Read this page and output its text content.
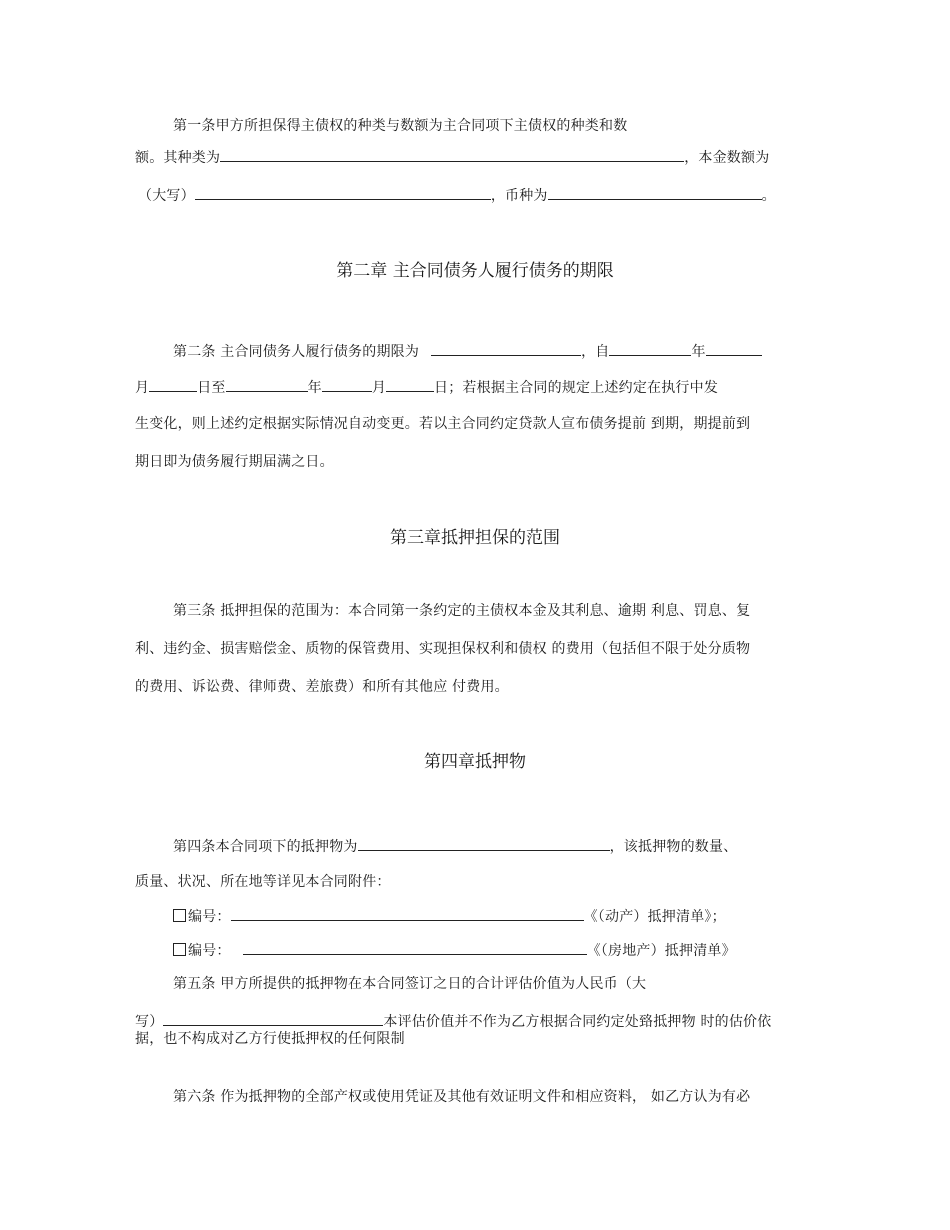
第一条甲方所担保得主债权的种类与数额为主合同项下主债权的种类和数
额。其种类为	，本金数额为
（大写）	，币种为	。
第二章 主合同债务人履行债务的期限
第二条 主合同债务人履行债务的期限为	，自	年
月	日至	年	月	日；若根据主合同的规定上述约定在执行中发
生变化，则上述约定根据实际情况自动变更。若以主合同约定贷款人宣布债务提前 到期，期提前到
期日即为债务履行期届满之日。
第三章抵押担保的范围
第三条 抵押担保的范围为：本合同第一条约定的主债权本金及其利息、逾期 利息、罚息、复
利、违约金、损害赔偿金、质物的保管费用、实现担保权利和债权 的费用（包括但不限于处分质物
的费用、诉讼费、律师费、差旅费）和所有其他应 付费用。
第四章抵押物
第四条本合同项下的抵押物为	，该抵押物的数量、
质量、状况、所在地等详见本合同附件：
编号：	《（动产）抵押清单》；
编号：	《（房地产）抵押清单》
第五条 甲方所提供的抵押物在本合同签订之日的合计评估价值为人民币（大
写）	本评估价值并不作为乙方根据合同约定处臵抵押物 时的估价依
据，也不构成对乙方行使抵押权的任何限制
第六条 作为抵押物的全部产权或使用凭证及其他有效证明文件和相应资料， 如乙方认为有必
